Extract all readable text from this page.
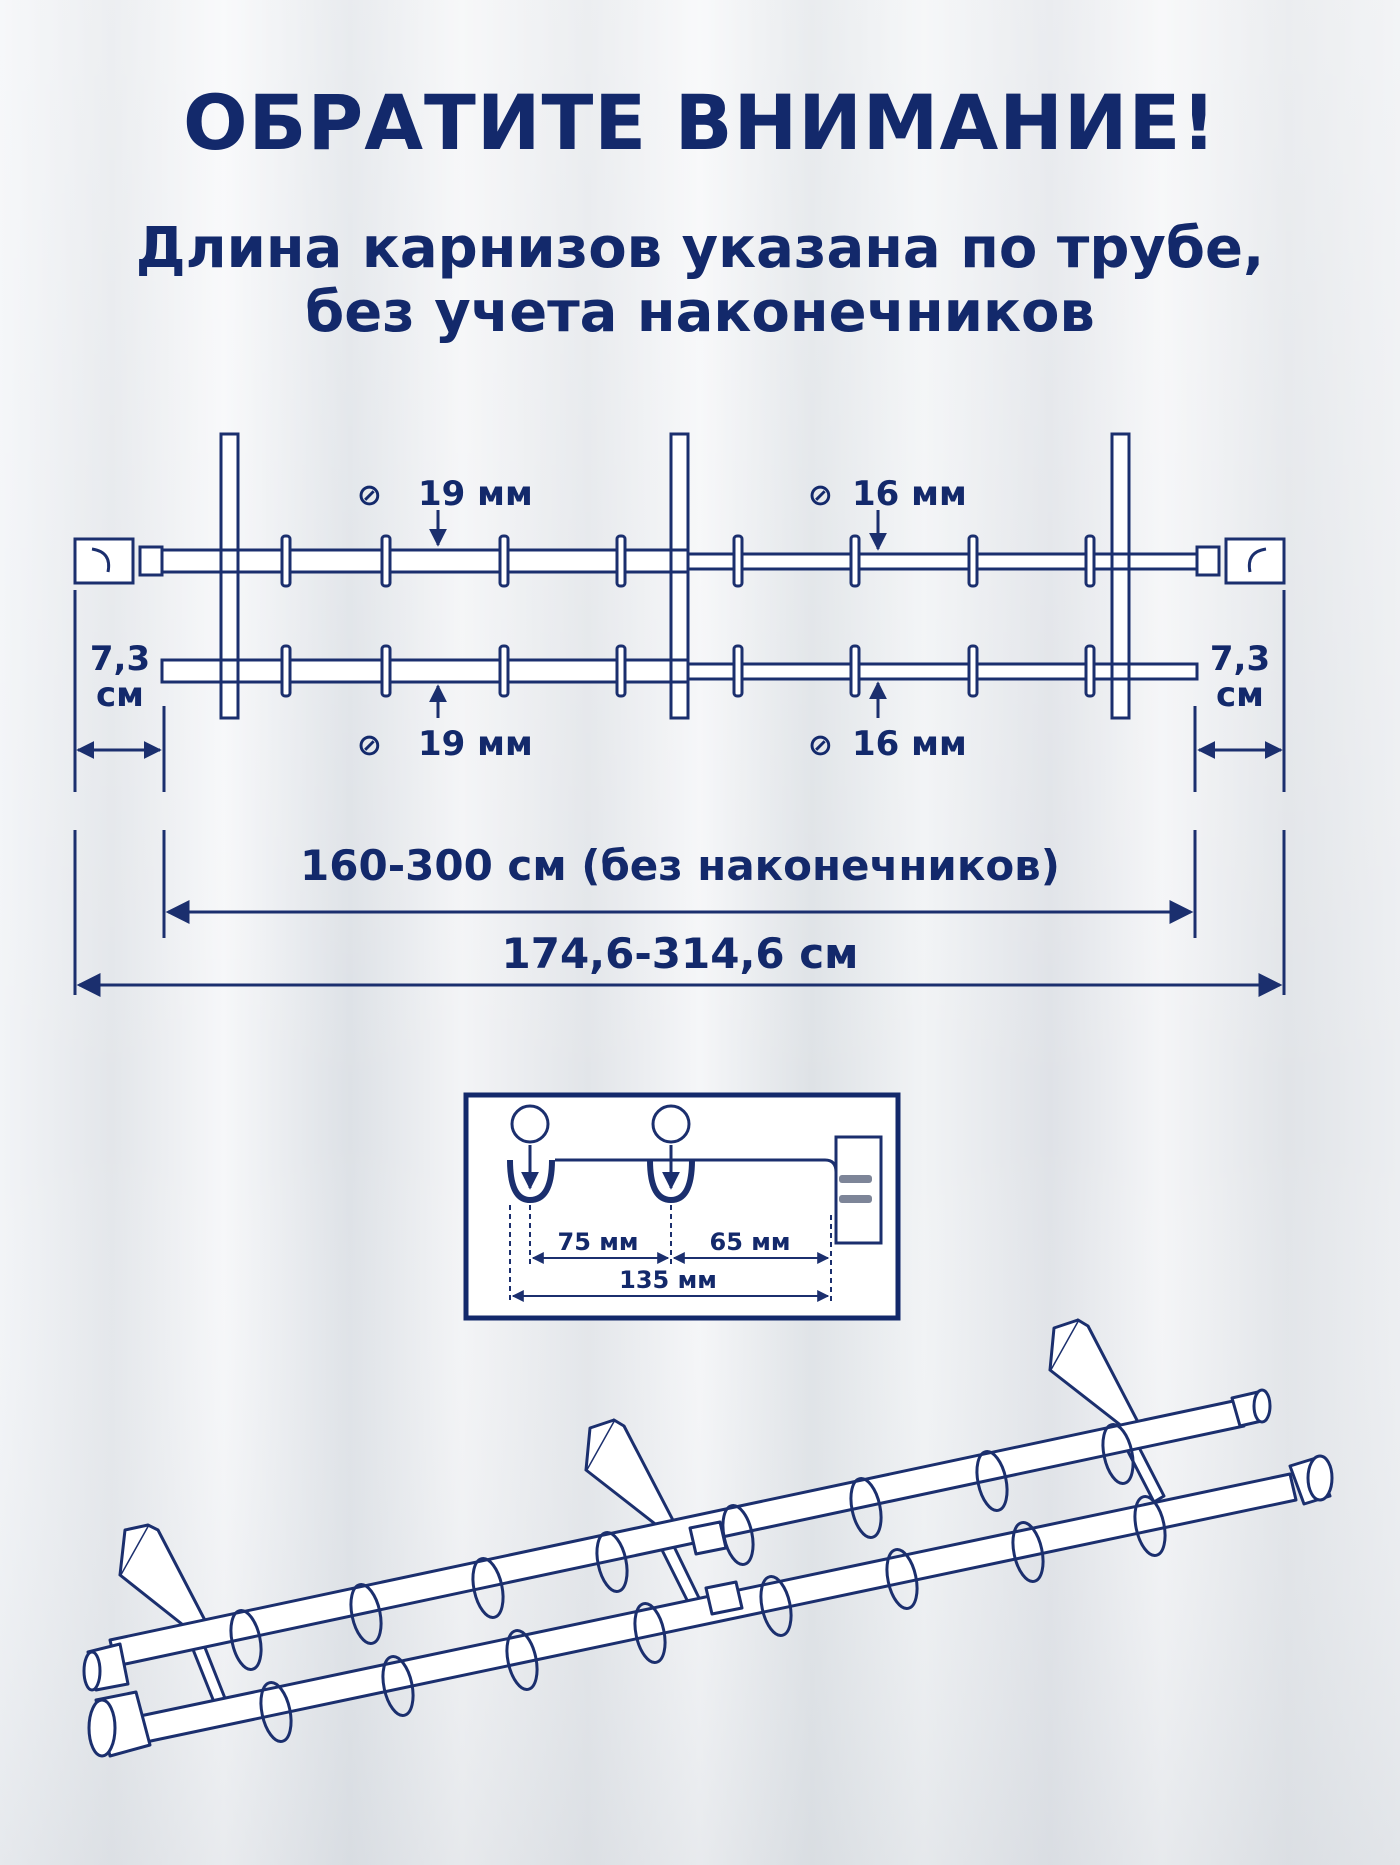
ОБРАТИТЕ ВНИМАНИЕ!
Длина карнизов указана по трубе,
без учета наконечников
⊘ 19 мм	⊘ 16 мм
⊘ 19 мм	⊘ 16 мм
7,3
см
7,3
см
160-300 см (без наконечников)
174,6-314,6 см
75 мм	65 мм
135 мм
